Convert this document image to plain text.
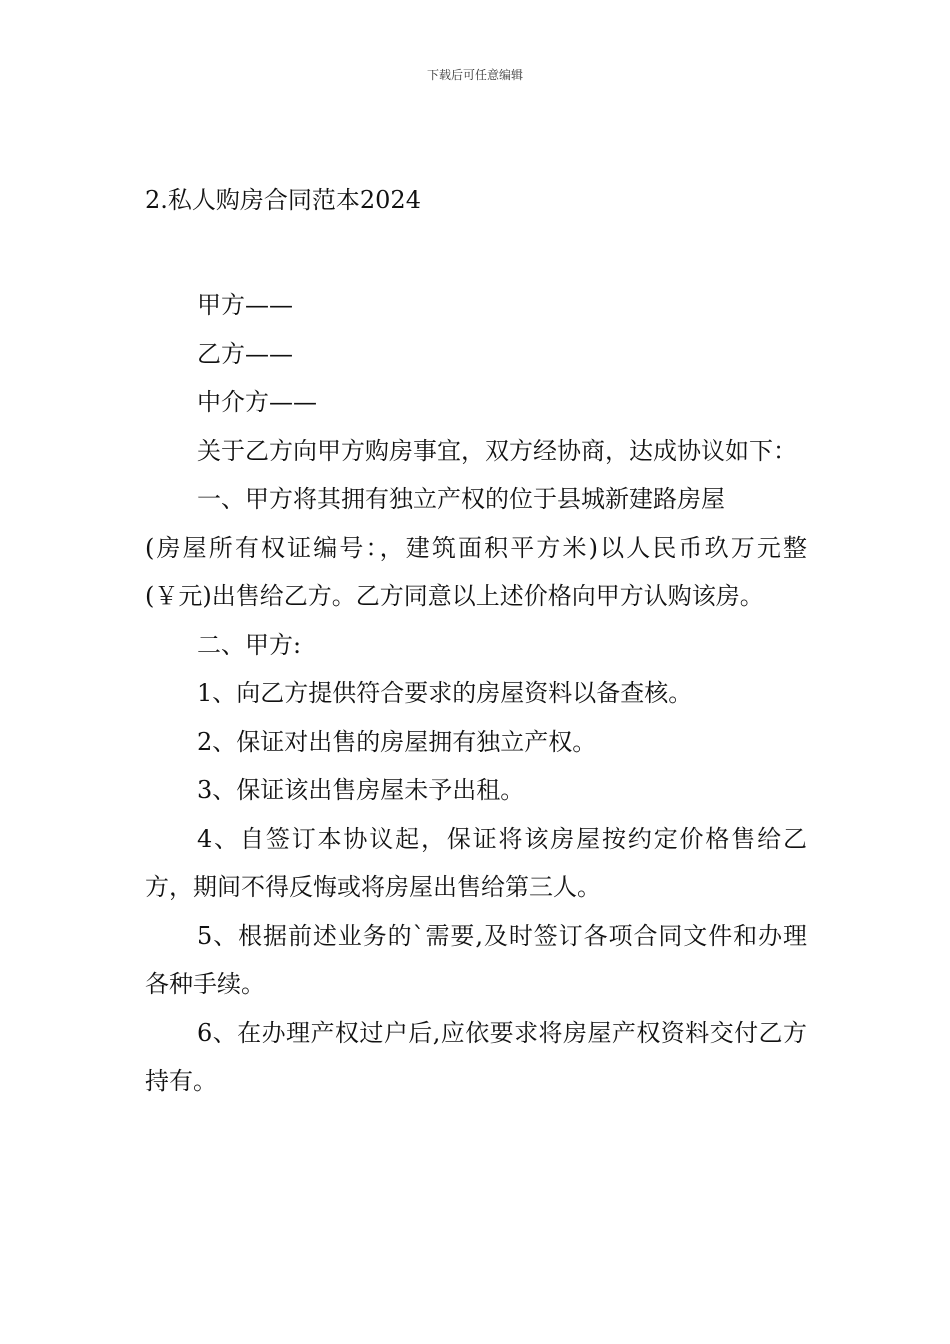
下载后可任意编辑
2.私人购房合同范本2024

甲方——

乙方——

中介方——

关于乙方向甲方购房事宜，双方经协商，达成协议如下：

一、甲方将其拥有独立产权的位于县城新建路房屋

(房屋所有权证编号：，建筑面积平方米)以人民币玖万元整(￥元)出售给乙方。乙方同意以上述价格向甲方认购该房。

二、甲方:

1、向乙方提供符合要求的房屋资料以备查核。

2、保证对出售的房屋拥有独立产权。

3、保证该出售房屋未予出租。

4、自签订本协议起，保证将该房屋按约定价格售给乙方，期间不得反悔或将房屋出售给第三人。

5、根据前述业务的`需要,及时签订各项合同文件和办理各种手续。

6、在办理产权过户后,应依要求将房屋产权资料交付乙方持有。
